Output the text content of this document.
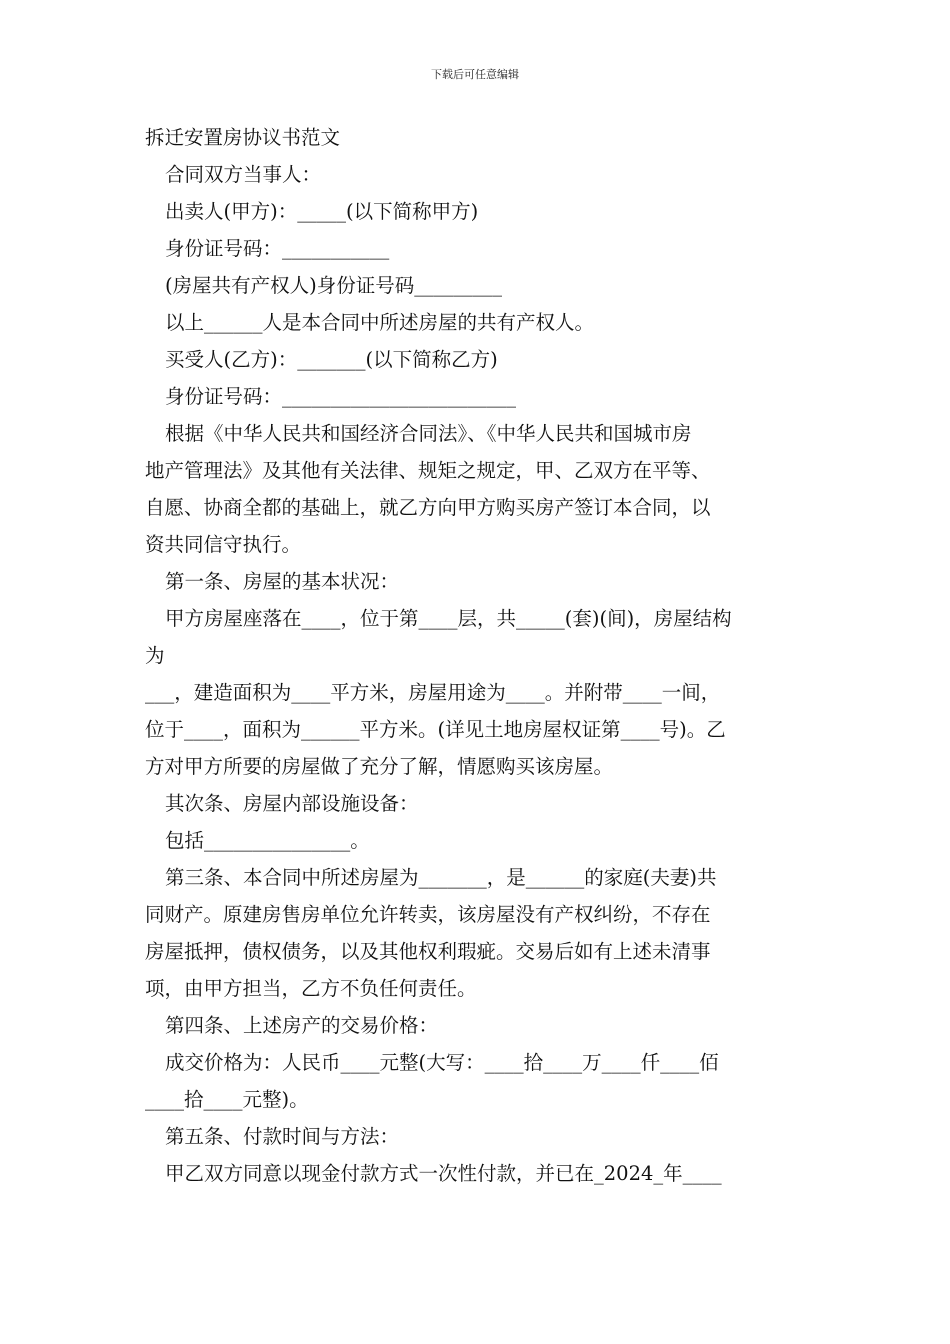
下载后可任意编辑

拆迁安置房协议书范文

合同双方当事人：

出卖人(甲方)：_____(以下简称甲方)

身份证号码：___________

(房屋共有产权人)身份证号码_________

以上______人是本合同中所述房屋的共有产权人。

买受人(乙方)：_______(以下简称乙方)

身份证号码：________________________

根据《中华人民共和国经济合同法》、《中华人民共和国城市房

地产管理法》及其他有关法律、规矩之规定，甲、乙双方在平等、

自愿、协商全都的基础上，就乙方向甲方购买房产签订本合同，以

资共同信守执行。

第一条、房屋的基本状况：

甲方房屋座落在____，位于第____层，共_____(套)(间)，房屋结构

为

___，建造面积为____平方米，房屋用途为____。并附带____一间，

位于____，面积为______平方米。(详见土地房屋权证第____号)。乙

方对甲方所要的房屋做了充分了解，情愿购买该房屋。

其次条、房屋内部设施设备：

包括_______________。

第三条、本合同中所述房屋为_______，是______的家庭(夫妻)共

同财产。原建房售房单位允许转卖，该房屋没有产权纠纷，不存在

房屋抵押，债权债务，以及其他权利瑕疵。交易后如有上述未清事

项，由甲方担当，乙方不负任何责任。

第四条、上述房产的交易价格：

成交价格为：人民币____元整(大写：____拾____万____仟____佰

____拾____元整)。

第五条、付款时间与方法：

甲乙双方同意以现金付款方式一次性付款，并已在_2024_年____
